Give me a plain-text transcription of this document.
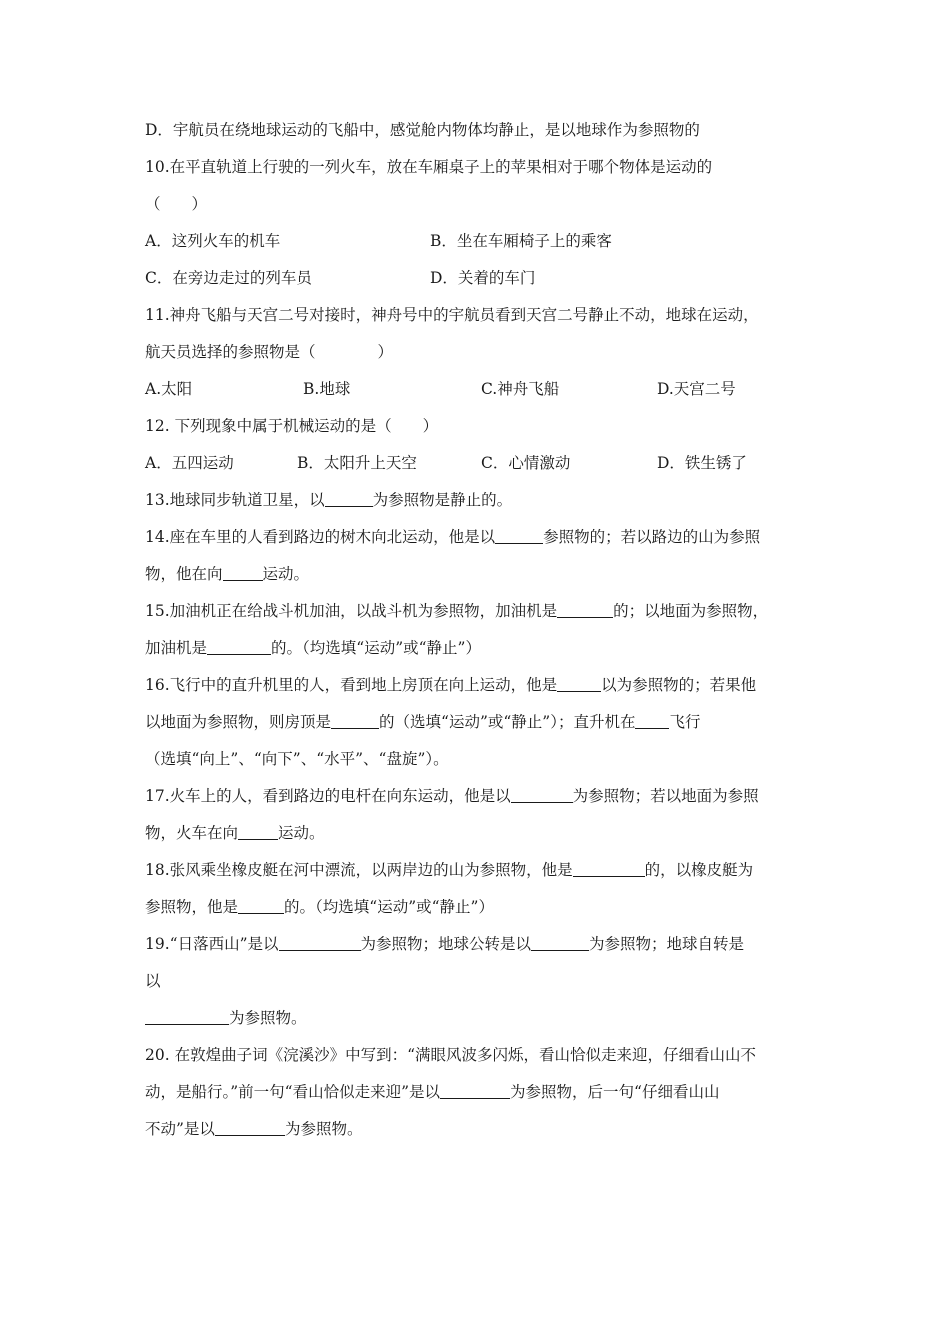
D．宇航员在绕地球运动的飞船中，感觉舱内物体均静止，是以地球作为参照物的
10.在平直轨道上行驶的一列火车，放在车厢桌子上的苹果相对于哪个物体是运动的
（　　）
A．这列火车的机车	B．坐在车厢椅子上的乘客
C．在旁边走过的列车员	D．关着的车门
11.神舟飞船与天宫二号对接时，神舟号中的宇航员看到天宫二号静止不动，地球在运动，
航天员选择的参照物是（　　　　）
A.太阳	B.地球	C.神舟飞船	D.天宫二号
12. 下列现象中属于机械运动的是（　　）
A．五四运动	B．太阳升上天空	C．心情激动	D．铁生锈了
13.地球同步轨道卫星，以	为参照物是静止的。
14.座在车里的人看到路边的树木向北运动，他是以	参照物的；若以路边的山为参照
物，他在向	运动。
15.加油机正在给战斗机加油，以战斗机为参照物，加油机是	的；以地面为参照物，
加油机是	的。（均选填“运动”或“静止”）
16.飞行中的直升机里的人，看到地上房顶在向上运动，他是	以为参照物的；若果他
以地面为参照物，则房顶是	的（选填“运动”或“静止”）；直升机在 飞行
（选填“向上”、“向下”、“水平”、“盘旋”）。
17.火车上的人，看到路边的电杆在向东运动，他是以	为参照物；若以地面为参照
物，火车在向	运动。
18.张风乘坐橡皮艇在河中漂流，以两岸边的山为参照物，他是	的，以橡皮艇为
参照物，他是	的。（均选填“运动”或“静止”）
19.“日落西山”是以	为参照物；地球公转是以	为参照物；地球自转是
以
为参照物。
20. 在敦煌曲子词《浣溪沙》中写到：“满眼风波多闪烁，看山恰似走来迎，仔细看山山不
动，是船行。”前一句“看山恰似走来迎”是以	为参照物，后一句“仔细看山山
不动”是以	为参照物。
